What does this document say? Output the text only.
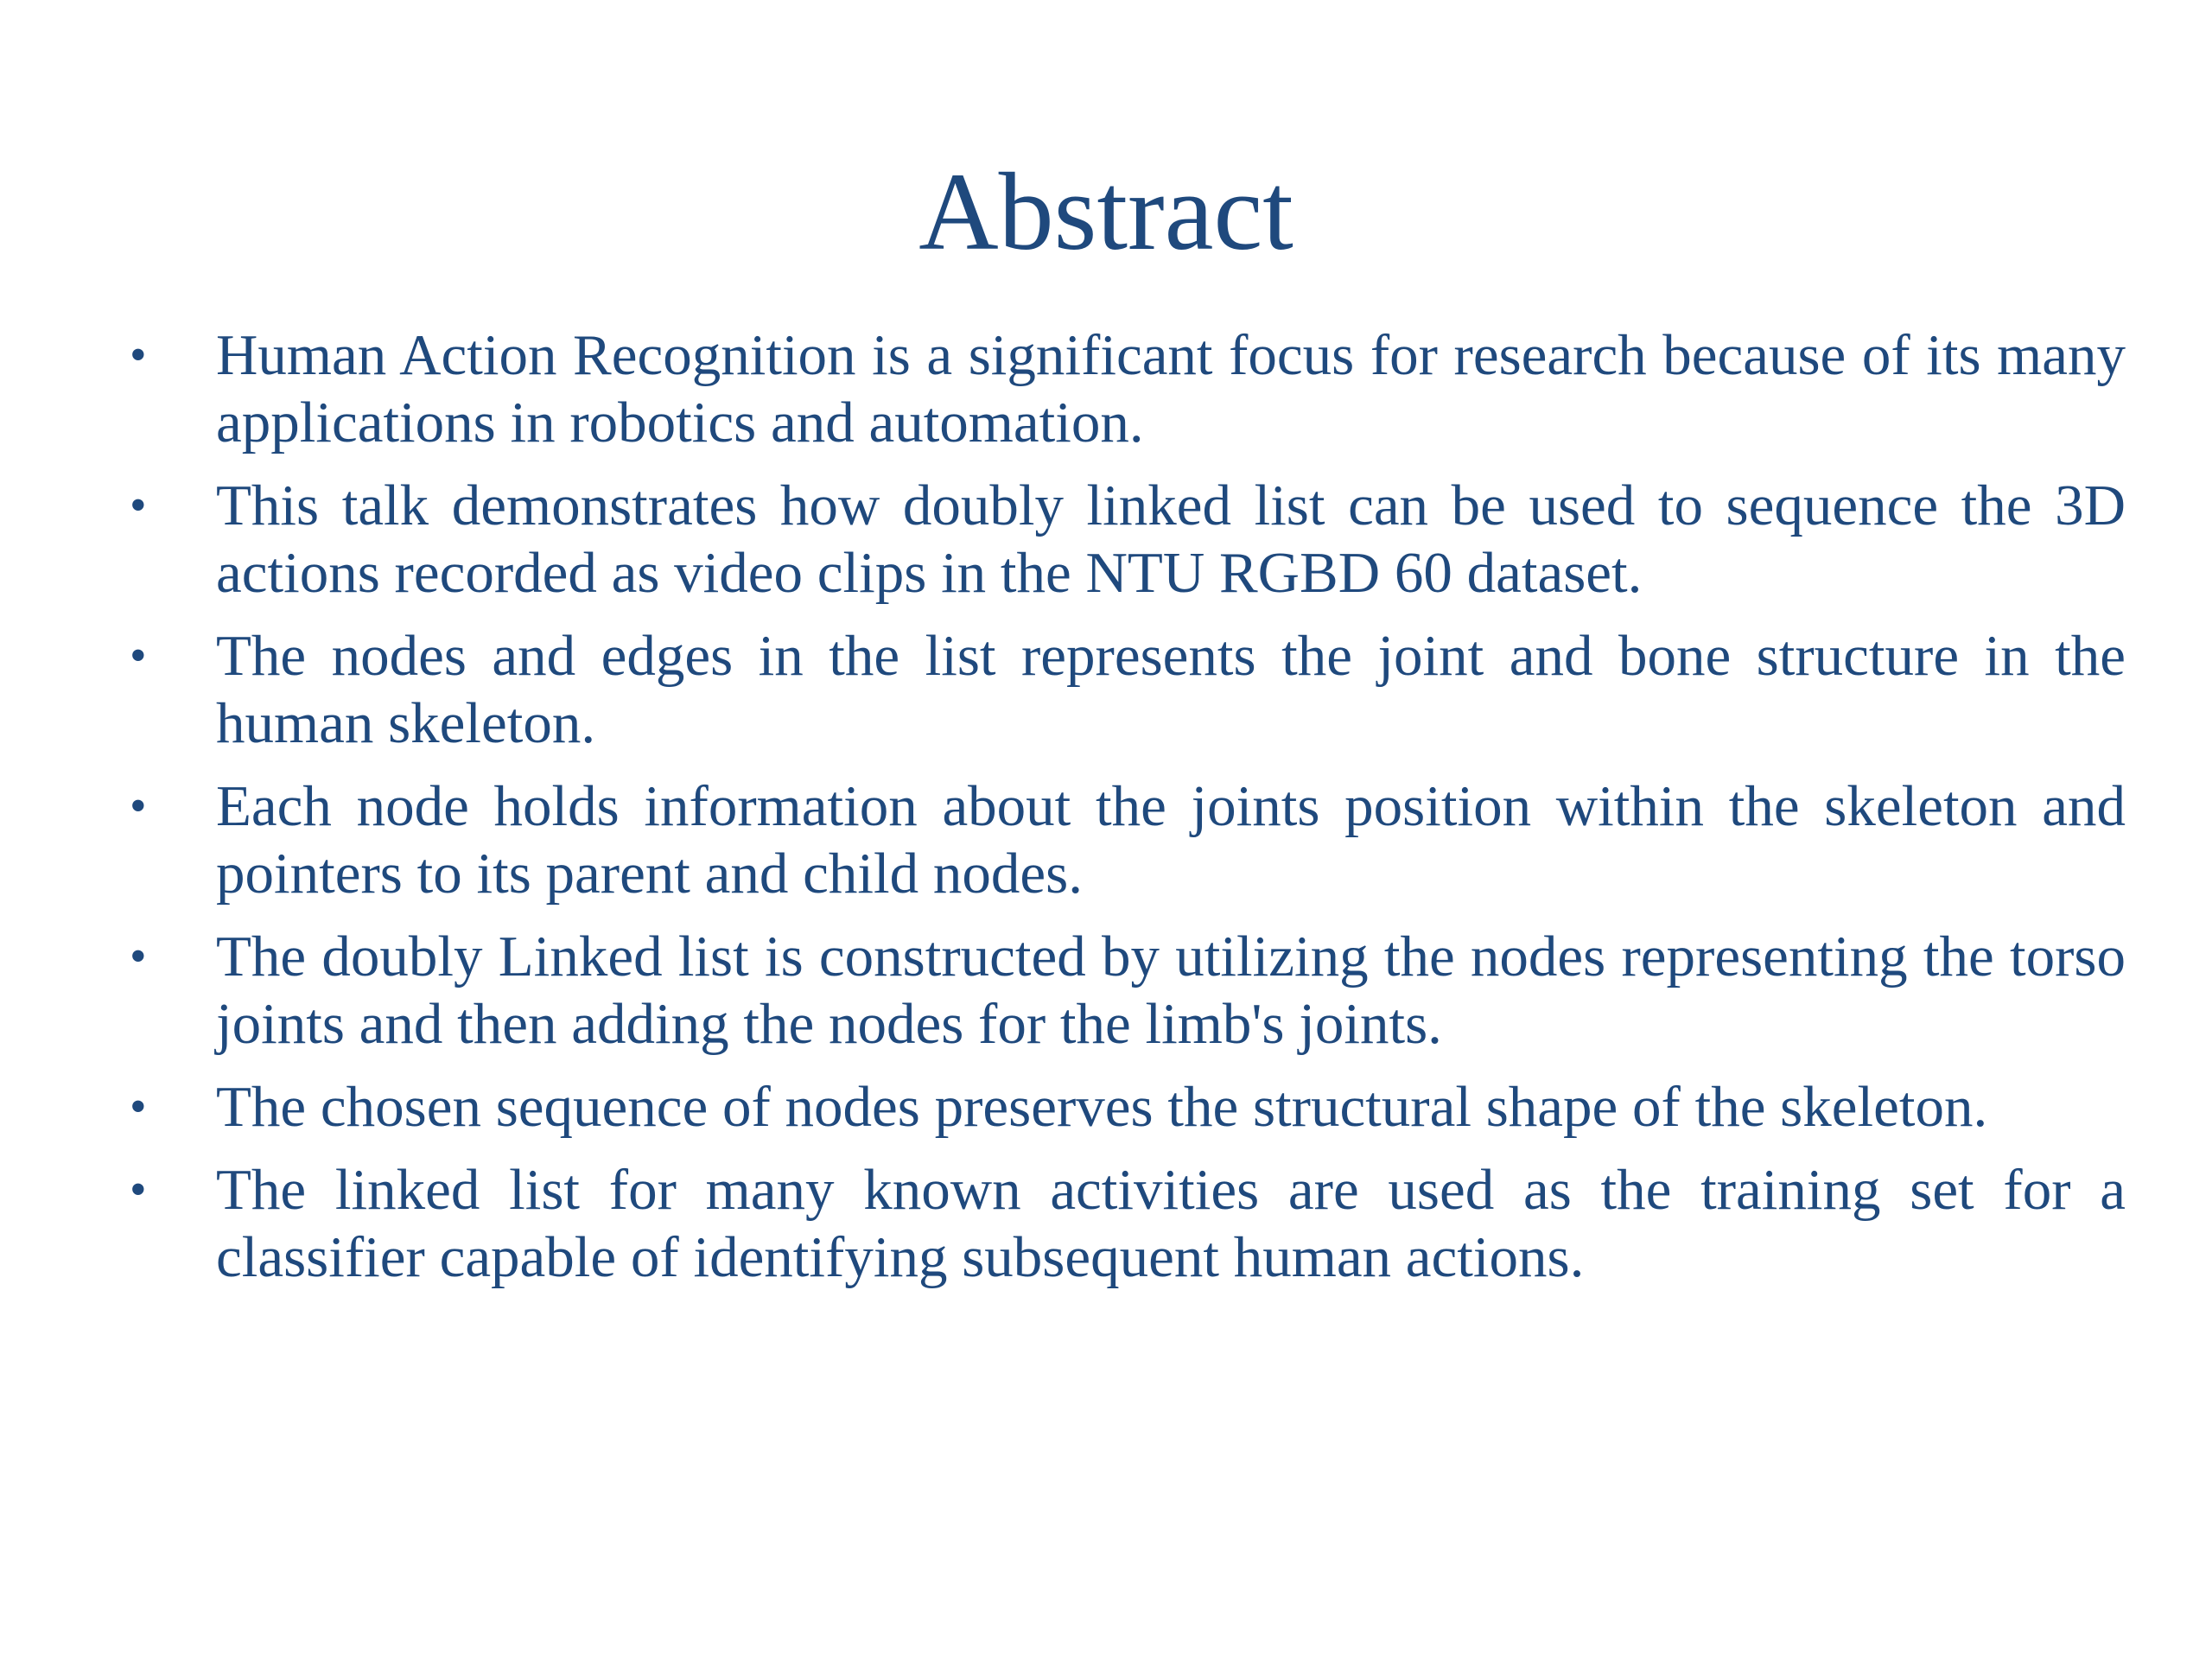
Abstract
•	Human Action Recognition is a significant focus for research because of its many applications in robotics and automation.
•	This talk demonstrates how doubly linked list can be used to sequence the 3D actions recorded as video clips in the NTU RGBD 60 dataset.
•	The nodes and edges in the list represents the joint and bone structure in the human skeleton.
•	Each node holds information about the joints position within the skeleton and pointers to its parent and child nodes.
•	The doubly Linked list is constructed by utilizing the nodes representing the torso joints and then adding the nodes for the limb's joints.
•	The chosen sequence of nodes preserves the structural shape of the skeleton.
•	The linked list for many known activities are used as the training set for a classifier capable of identifying subsequent human actions.
